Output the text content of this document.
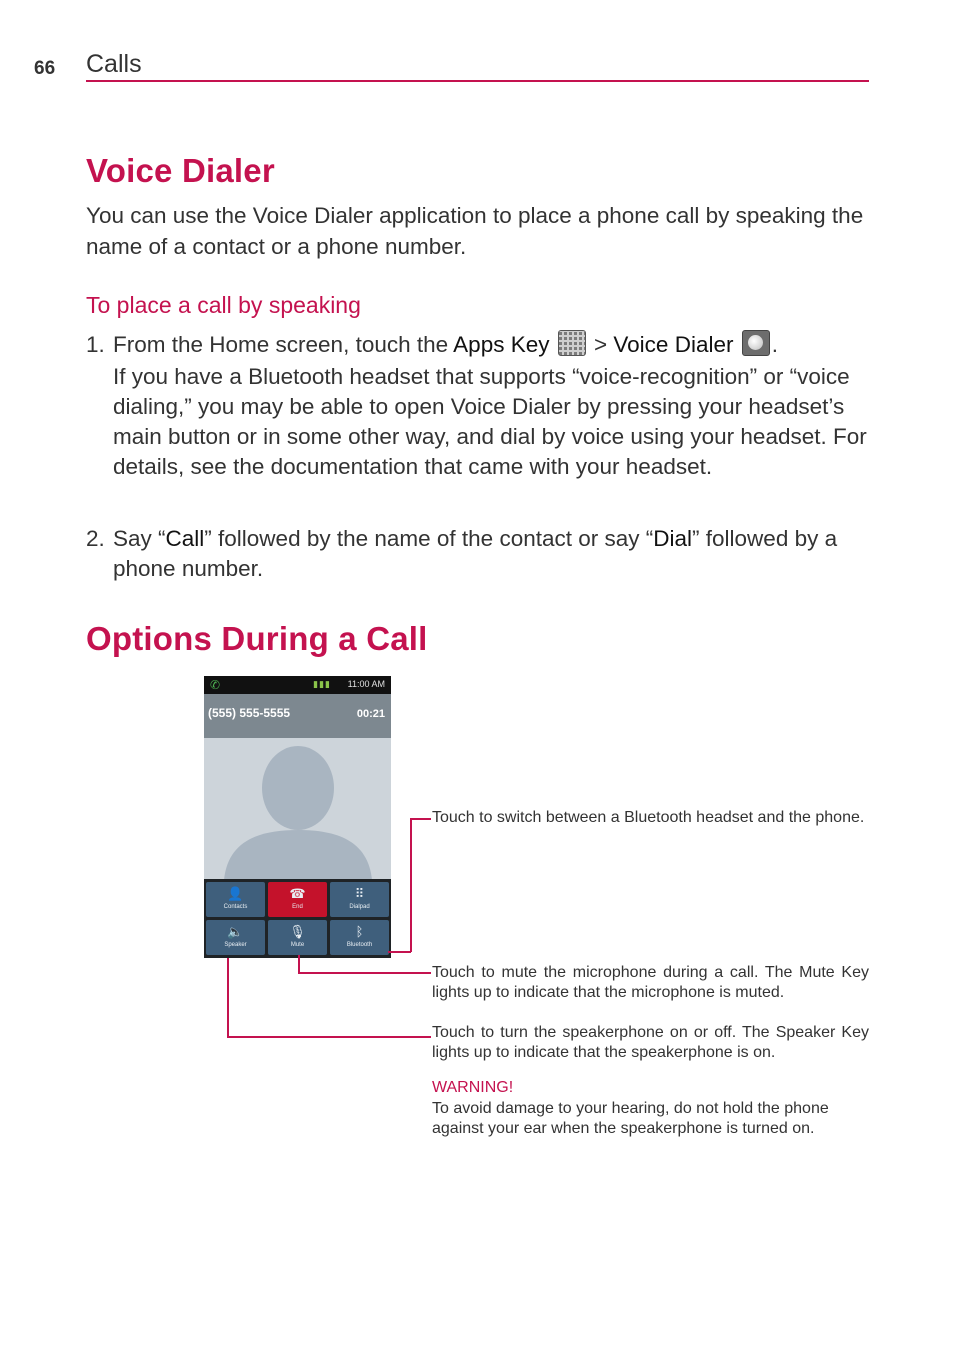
66 Calls
Voice Dialer

You can use the Voice Dialer application to place a phone call by speaking the name of a contact or a phone number.

To place a call by speaking
1. From the Home screen, touch the Apps Key  > Voice Dialer .
If you have a Bluetooth headset that supports “voice-recognition” or “voice dialing,” you may be able to open Voice Dialer by pressing your headset’s main button or in some other way, and dial by voice using your headset. For details, see the documentation that came with your headset.
2. Say “Call” followed by the name of the contact or say “Dial” followed by a phone number.
Options During a Call
✆	▮▮▮ 11:00 AM
(555) 555-5555	00:21
👤
Contacts
☎
End
⠿
Dialpad
🔈
Speaker
🎙
Mute
ᛒ
Bluetooth
Touch to switch between a Bluetooth headset and the phone.
Touch to mute the microphone during a call. The Mute Key lights up to indicate that the microphone is muted.
Touch to turn the speakerphone on or off. The Speaker Key lights up to indicate that the speakerphone is on.
WARNING!
To avoid damage to your hearing, do not hold the phone against your ear when the speakerphone is turned on.
